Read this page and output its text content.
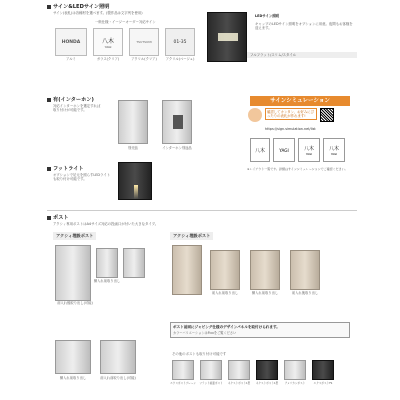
サイン&LEDサイン照明
サイン(表札)は各種材を選べます。(製作品は文字列を使用)
一般仕様・イージーオーダー対応サイン
HONDA	八木
YAGI
TSUTSUMI	01-35
アルミ	ガラス(クリア)	アクリル(クリア)	アクリル(ベージュ)
LEDサイン照明
キャップのLEDサイン照明をオプションに用意。夜間もお客様を迎えます。
フルフラット/スリム/スタイル
有(インターホン)
対応インターホンを選定すれば取り付けが可能です。
別売品	インターホン別途品
サインシミュレーション
確認してカンタン、お好みにぴったりの表札が作れます!
https://sign.simulation.net/list
八木	YAGI	八木
YAGI
八木
YAGI
※レイアウト一覧です。詳細はサインシミュレーションでご確認ください。
フットライト
オプションで足元を照らすLEDライトも取り付け可能です。
ポスト
アクシィ専用ポストはA4サイズ対応の投函口が付いた大きなタイプ。
アクシィ埋設ポスト
横入れ前取り出し
前入れ後取り出し(可能)
アクシィ埋設ポスト
前入れ前取り出し	横入れ前取り出し	前入れ後取り出し
ポスト前面にジャビング仕様のデザインパネルを取付けられます。
カラーバリエーションはP.xxをご覧ください
その他のポストも取り付け可能です
エクスポストプレーン	フラット前面ポスト	ネクストポスト1型	ネクストポスト1型	アメリカンポスト	エクスポストFS
横入れ前取り出し	前入れ前取り出し(可能)
